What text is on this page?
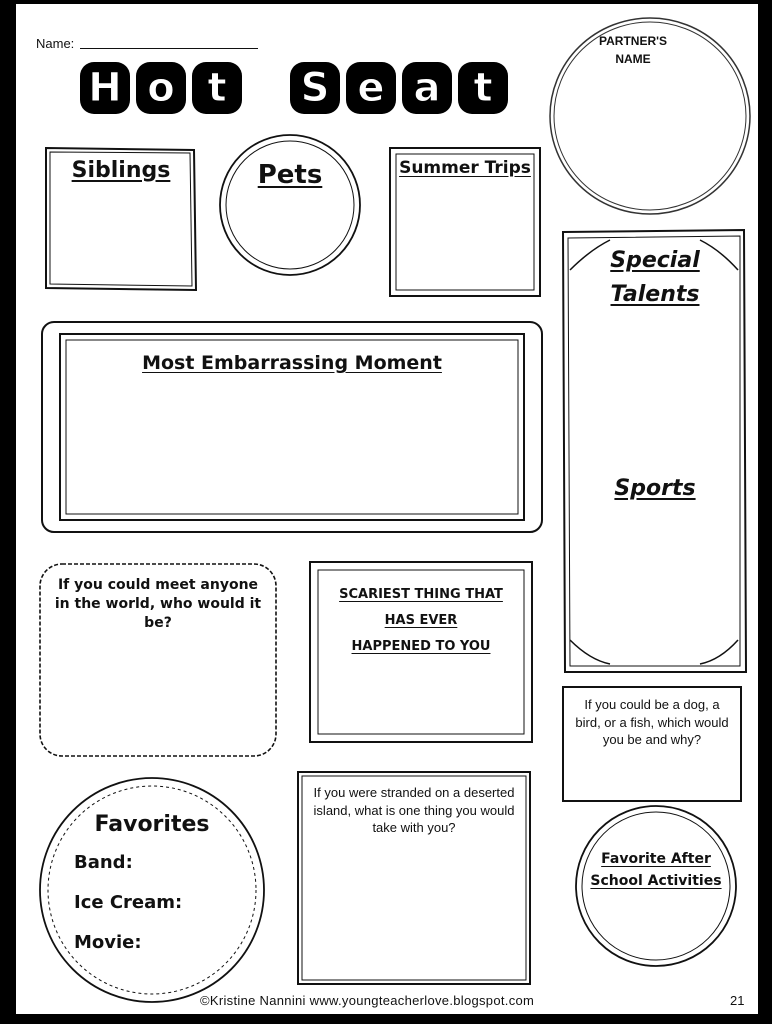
Name:
H o t S e a t
PARTNER'S
NAME
Siblings	Pets	Summer Trips
Special
Talents
Sports
Most Embarrassing Moment
If you could meet anyone in the world, who would it be?
SCARIEST THING THAT HAS EVER
HAPPENED TO YOU
If you could be a dog, a bird, or a fish, which would you be and why?
If you were stranded on a deserted island, what is one thing you would take with you?
Favorite After
School Activities
Favorites
Band:
Ice Cream:
Movie:
©Kristine Nannini www.youngteacherlove.blogspot.com	21
